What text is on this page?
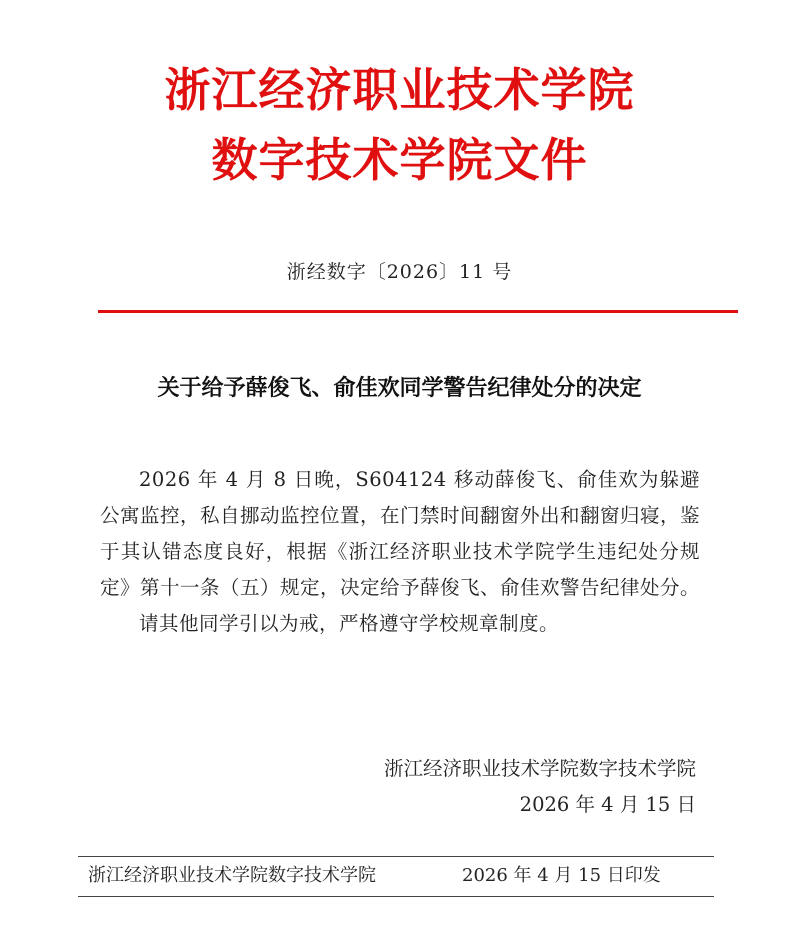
浙江经济职业技术学院
数字技术学院文件
浙经数字〔2026〕11 号
关于给予薛俊飞、俞佳欢同学警告纪律处分的决定

2026 年 4 月 8 日晚，S604124 移动薛俊飞、俞佳欢为躲避公寓监控，私自挪动监控位置，在门禁时间翻窗外出和翻窗归寝，鉴于其认错态度良好，根据《浙江经济职业技术学院学生违纪处分规定》第十一条（五）规定，决定给予薛俊飞、俞佳欢警告纪律处分。

请其他同学引以为戒，严格遵守学校规章制度。

浙江经济职业技术学院数字技术学院
2026 年 4 月 15 日
浙江经济职业技术学院数字技术学院	2026 年 4 月 15 日印发
